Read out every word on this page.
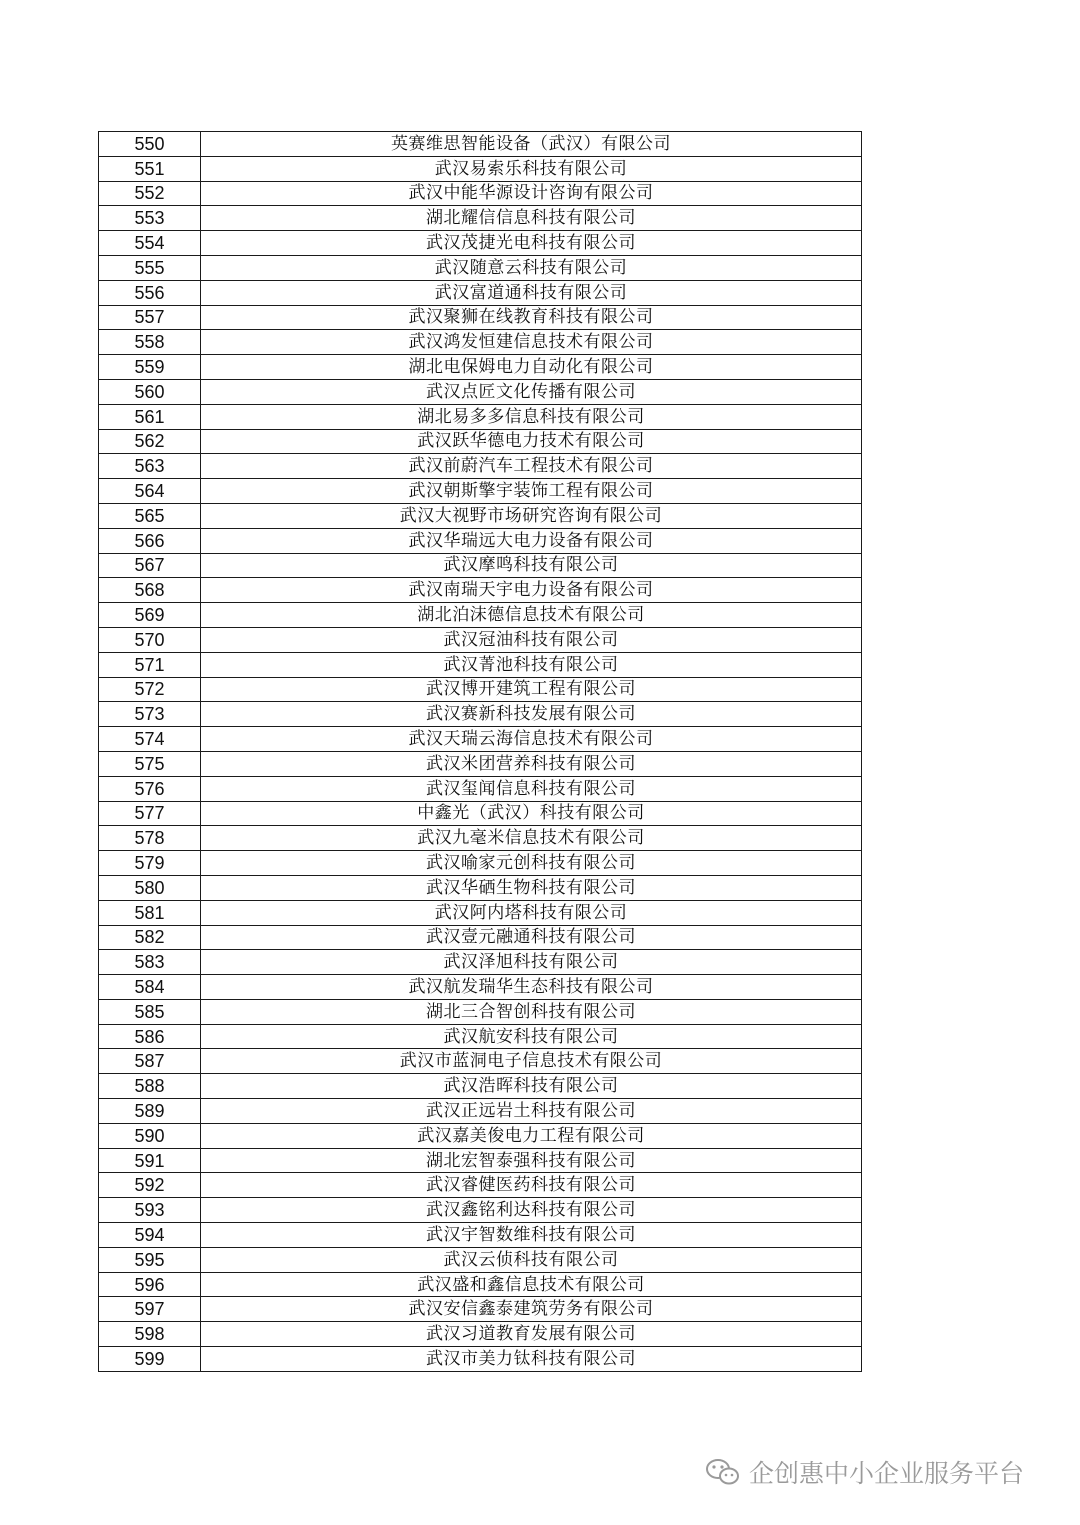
550	英赛维思智能设备（武汉）有限公司
551	武汉易索乐科技有限公司
552	武汉中能华源设计咨询有限公司
553	湖北耀信信息科技有限公司
554	武汉茂捷光电科技有限公司
555	武汉随意云科技有限公司
556	武汉富道通科技有限公司
557	武汉聚狮在线教育科技有限公司
558	武汉鸿发恒建信息技术有限公司
559	湖北电保姆电力自动化有限公司
560	武汉点匠文化传播有限公司
561	湖北易多多信息科技有限公司
562	武汉跃华德电力技术有限公司
563	武汉前蔚汽车工程技术有限公司
564	武汉朝斯擎宇装饰工程有限公司
565	武汉大视野市场研究咨询有限公司
566	武汉华瑞远大电力设备有限公司
567	武汉摩鸣科技有限公司
568	武汉南瑞天宇电力设备有限公司
569	湖北泊沫德信息技术有限公司
570	武汉冠油科技有限公司
571	武汉菁池科技有限公司
572	武汉博开建筑工程有限公司
573	武汉赛新科技发展有限公司
574	武汉天瑞云海信息技术有限公司
575	武汉米团营养科技有限公司
576	武汉玺闻信息科技有限公司
577	中鑫光（武汉）科技有限公司
578	武汉九毫米信息技术有限公司
579	武汉喻家元创科技有限公司
580	武汉华硒生物科技有限公司
581	武汉阿内塔科技有限公司
582	武汉壹元融通科技有限公司
583	武汉泽旭科技有限公司
584	武汉航发瑞华生态科技有限公司
585	湖北三合智创科技有限公司
586	武汉航安科技有限公司
587	武汉市蓝洞电子信息技术有限公司
588	武汉浩晖科技有限公司
589	武汉正远岩土科技有限公司
590	武汉嘉美俊电力工程有限公司
591	湖北宏智泰强科技有限公司
592	武汉睿健医药科技有限公司
593	武汉鑫铭利达科技有限公司
594	武汉宇智数维科技有限公司
595	武汉云侦科技有限公司
596	武汉盛和鑫信息技术有限公司
597	武汉安信鑫泰建筑劳务有限公司
598	武汉习道教育发展有限公司
599	武汉市美力钛科技有限公司
企创惠中小企业服务平台
